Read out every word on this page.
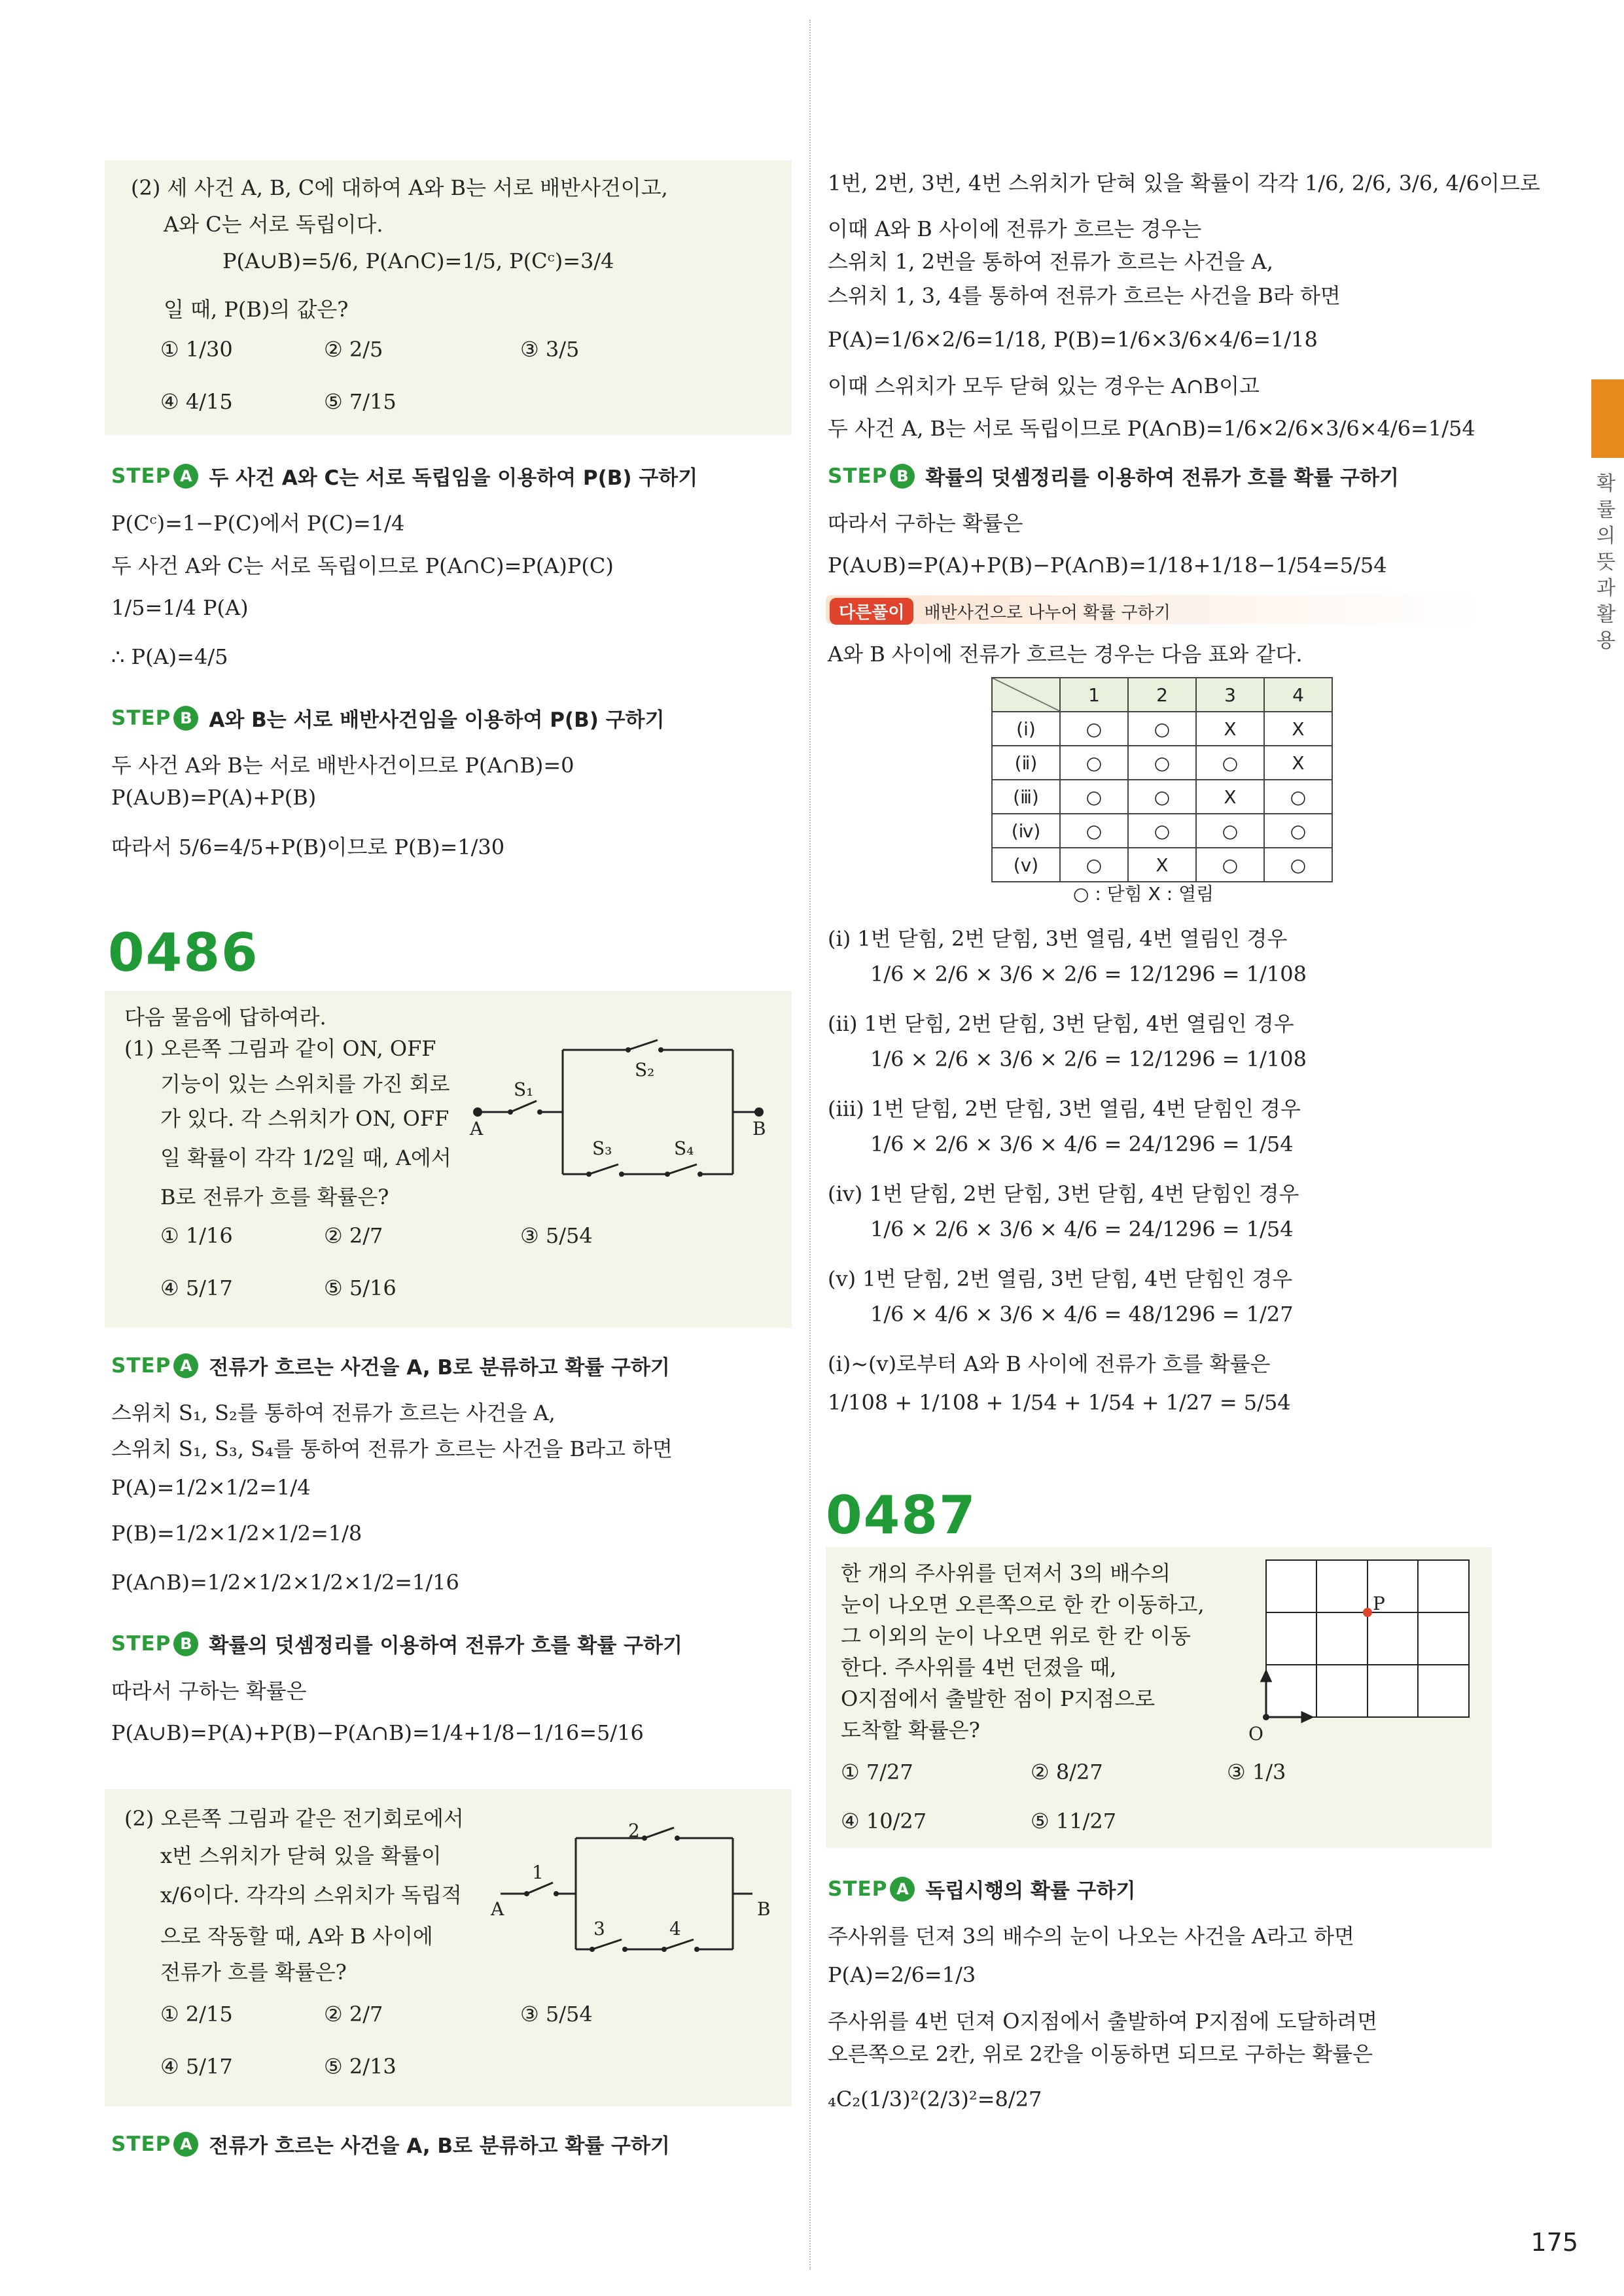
(2) 세 사건 A, B, C에 대하여 A와 B는 서로 배반사건이고,
A와 C는 서로 독립이다.
P(A∪B)=5/6, P(A∩C)=1/5, P(Cᶜ)=3/4
일 때, P(B)의 값은?
① 1/30	② 2/5	③ 3/5
④ 4/15	⑤ 7/15
STEP A 두 사건 A와 C는 서로 독립임을 이용하여 P(B) 구하기
P(Cᶜ)=1−P(C)에서 P(C)=1/4
두 사건 A와 C는 서로 독립이므로 P(A∩C)=P(A)P(C)
1/5=1/4 P(A)
∴ P(A)=4/5
STEP B A와 B는 서로 배반사건임을 이용하여 P(B) 구하기
두 사건 A와 B는 서로 배반사건이므로 P(A∩B)=0
P(A∪B)=P(A)+P(B)
따라서 5/6=4/5+P(B)이므로 P(B)=1/30
0486
다음 물음에 답하여라.
(1) 오른쪽 그림과 같이 ON, OFF
기능이 있는 스위치를 가진 회로
가 있다. 각 스위치가 ON, OFF
일 확률이 각각 1/2일 때, A에서
B로 전류가 흐를 확률은?
① 1/16	② 2/7	③ 5/54
④ 5/17	⑤ 5/16
S₁
S₂
S₃	S₄
A	B
STEP A 전류가 흐르는 사건을 A, B로 분류하고 확률 구하기
스위치 S₁, S₂를 통하여 전류가 흐르는 사건을 A,
스위치 S₁, S₃, S₄를 통하여 전류가 흐르는 사건을 B라고 하면
P(A)=1/2×1/2=1/4
P(B)=1/2×1/2×1/2=1/8
P(A∩B)=1/2×1/2×1/2×1/2=1/16
STEP B 확률의 덧셈정리를 이용하여 전류가 흐를 확률 구하기
따라서 구하는 확률은
P(A∪B)=P(A)+P(B)−P(A∩B)=1/4+1/8−1/16=5/16
(2) 오른쪽 그림과 같은 전기회로에서
x번 스위치가 닫혀 있을 확률이
x/6이다. 각각의 스위치가 독립적
으로 작동할 때, A와 B 사이에
전류가 흐를 확률은?
① 2/15	② 2/7	③ 5/54
④ 5/17	⑤ 2/13
1
2
3	4
A	B
STEP A 전류가 흐르는 사건을 A, B로 분류하고 확률 구하기
1번, 2번, 3번, 4번 스위치가 닫혀 있을 확률이 각각 1/6, 2/6, 3/6, 4/6이므로
이때 A와 B 사이에 전류가 흐르는 경우는
스위치 1, 2번을 통하여 전류가 흐르는 사건을 A,
스위치 1, 3, 4를 통하여 전류가 흐르는 사건을 B라 하면
P(A)=1/6×2/6=1/18, P(B)=1/6×3/6×4/6=1/18
이때 스위치가 모두 닫혀 있는 경우는 A∩B이고
두 사건 A, B는 서로 독립이므로 P(A∩B)=1/6×2/6×3/6×4/6=1/54
STEP B 확률의 덧셈정리를 이용하여 전류가 흐를 확률 구하기
따라서 구하는 확률은
P(A∪B)=P(A)+P(B)−P(A∩B)=1/18+1/18−1/54=5/54
다른풀이	배반사건으로 나누어 확률 구하기
A와 B 사이에 전류가 흐르는 경우는 다음 표와 같다.
	1	2	3	4
(ⅰ)	○	○	X	X
(ⅱ)	○	○	○	X
(ⅲ)	○	○	X	○
(ⅳ)	○	○	○	○
(ⅴ)	○	X	○	○
○ : 닫힘 X : 열림
(ⅰ) 1번 닫힘, 2번 닫힘, 3번 열림, 4번 열림인 경우
1/6 × 2/6 × 3/6 × 2/6 = 12/1296 = 1/108
(ⅱ) 1번 닫힘, 2번 닫힘, 3번 닫힘, 4번 열림인 경우
1/6 × 2/6 × 3/6 × 2/6 = 12/1296 = 1/108
(ⅲ) 1번 닫힘, 2번 닫힘, 3번 열림, 4번 닫힘인 경우
1/6 × 2/6 × 3/6 × 4/6 = 24/1296 = 1/54
(ⅳ) 1번 닫힘, 2번 닫힘, 3번 닫힘, 4번 닫힘인 경우
1/6 × 2/6 × 3/6 × 4/6 = 24/1296 = 1/54
(ⅴ) 1번 닫힘, 2번 열림, 3번 닫힘, 4번 닫힘인 경우
1/6 × 4/6 × 3/6 × 4/6 = 48/1296 = 1/27
(ⅰ)~(ⅴ)로부터 A와 B 사이에 전류가 흐를 확률은
1/108 + 1/108 + 1/54 + 1/54 + 1/27 = 5/54
0487
한 개의 주사위를 던져서 3의 배수의
눈이 나오면 오른쪽으로 한 칸 이동하고,
그 이외의 눈이 나오면 위로 한 칸 이동
한다. 주사위를 4번 던졌을 때,
O지점에서 출발한 점이 P지점으로
도착할 확률은?
P
O
① 7/27	② 8/27	③ 1/3
④ 10/27	⑤ 11/27
STEP A 독립시행의 확률 구하기
주사위를 던져 3의 배수의 눈이 나오는 사건을 A라고 하면
P(A)=2/6=1/3
주사위를 4번 던져 O지점에서 출발하여 P지점에 도달하려면
오른쪽으로 2칸, 위로 2칸을 이동하면 되므로 구하는 확률은
₄C₂(1/3)²(2/3)²=8/27
확률의 뜻과 활용
175
